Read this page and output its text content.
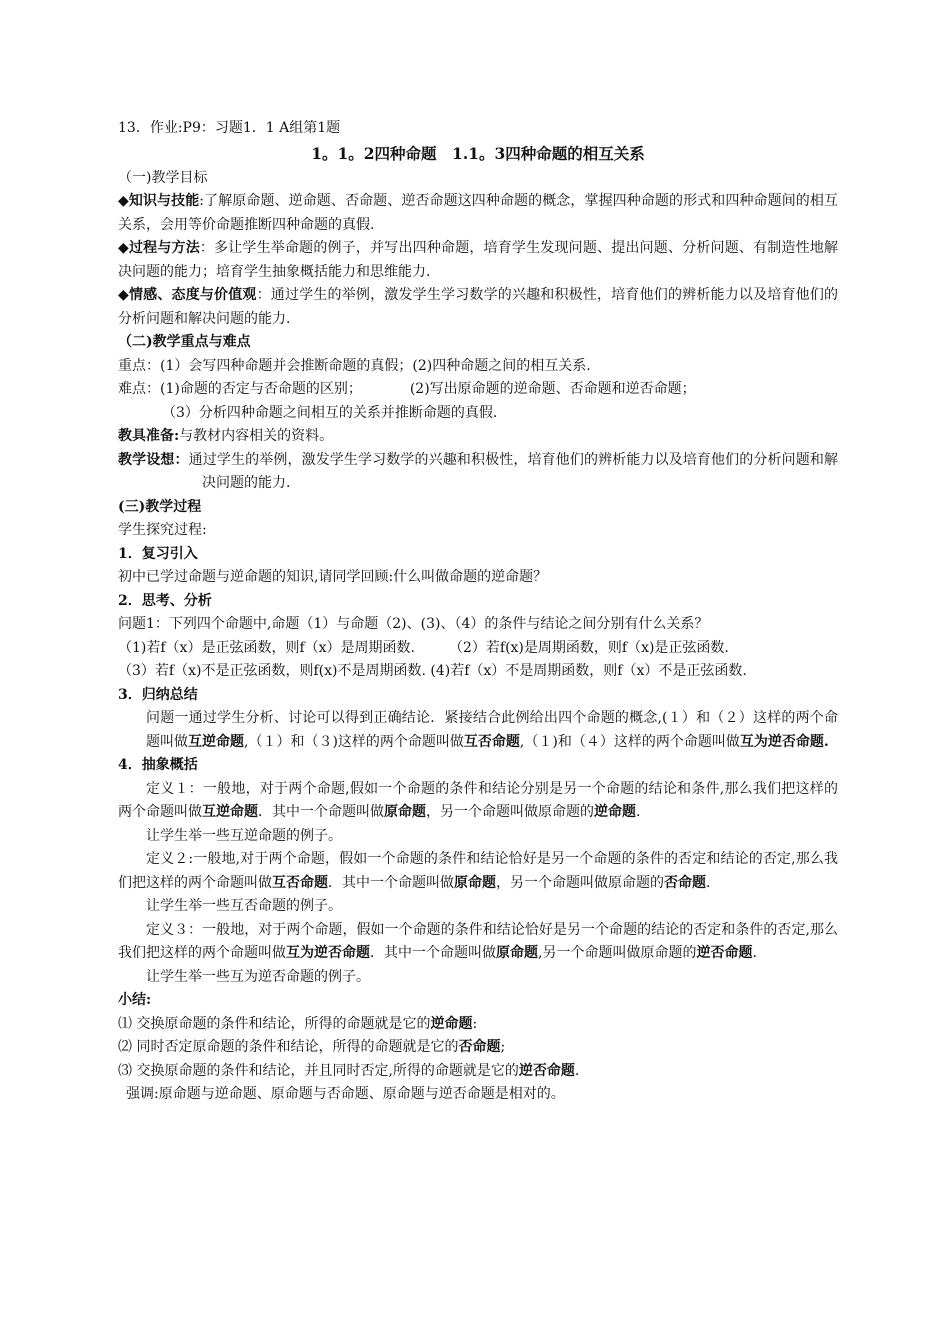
13．作业:P9：习题1．1 A组第1题
1。1。2四种命题　1.1。3四种命题的相互关系
（一)教学目标
◆知识与技能:了解原命题、逆命题、否命题、逆否命题这四种命题的概念，掌握四种命题的形式和四种命题间的相互关系，会用等价命题推断四种命题的真假.
◆过程与方法：多让学生举命题的例子，并写出四种命题，培育学生发现问题、提出问题、分析问题、有制造性地解决问题的能力；培育学生抽象概括能力和思维能力.
◆情感、态度与价值观：通过学生的举例，激发学生学习数学的兴趣和积极性，培育他们的辨析能力以及培育他们的分析问题和解决问题的能力.
（二)教学重点与难点
重点：(1）会写四种命题并会推断命题的真假；(2)四种命题之间的相互关系.
难点：(1)命题的否定与否命题的区别；	(2)写出原命题的逆命题、否命题和逆否命题；
（3）分析四种命题之间相互的关系并推断命题的真假.
教具准备:与教材内容相关的资料。
教学设想：通过学生的举例，激发学生学习数学的兴趣和积极性，培育他们的辨析能力以及培育他们的分析问题和解决问题的能力.
(三)教学过程
学生探究过程:
1．复习引入
初中已学过命题与逆命题的知识,请同学回顾:什么叫做命题的逆命题？
2．思考、分析
问题1：下列四个命题中,命题（1）与命题（2)、(3)、（4）的条件与结论之间分别有什么关系？
（1)若f（x）是正弦函数，则f（x）是周期函数. （2）若f(x)是周期函数，则f（x)是正弦函数.
（3）若f（x)不是正弦函数，则f(x)不是周期函数. (4)若f（x）不是周期函数，则f（x）不是正弦函数.
3．归纳总结
问题一通过学生分析、讨论可以得到正确结论．紧接结合此例给出四个命题的概念,(１）和（２）这样的两个命题叫做互逆命题,（１）和（３)这样的两个命题叫做互否命题,（１)和（４）这样的两个命题叫做互为逆否命题.
4．抽象概括
定义１：一般地，对于两个命题,假如一个命题的条件和结论分别是另一个命题的结论和条件,那么我们把这样的两个命题叫做互逆命题．其中一个命题叫做原命题，另一个命题叫做原命题的逆命题.
让学生举一些互逆命题的例子。
定义２:一般地,对于两个命题，假如一个命题的条件和结论恰好是另一个命题的条件的否定和结论的否定,那么我们把这样的两个命题叫做互否命题．其中一个命题叫做原命题，另一个命题叫做原命题的否命题.
让学生举一些互否命题的例子。
定义３：一般地，对于两个命题，假如一个命题的条件和结论恰好是另一个命题的结论的否定和条件的否定,那么我们把这样的两个命题叫做互为逆否命题．其中一个命题叫做原命题,另一个命题叫做原命题的逆否命题.
让学生举一些互为逆否命题的例子。
小结:
⑴ 交换原命题的条件和结论，所得的命题就是它的逆命题:
⑵ 同时否定原命题的条件和结论，所得的命题就是它的否命题;
⑶ 交换原命题的条件和结论，并且同时否定,所得的命题就是它的逆否命题.
强调:原命题与逆命题、原命题与否命题、原命题与逆否命题是相对的。
